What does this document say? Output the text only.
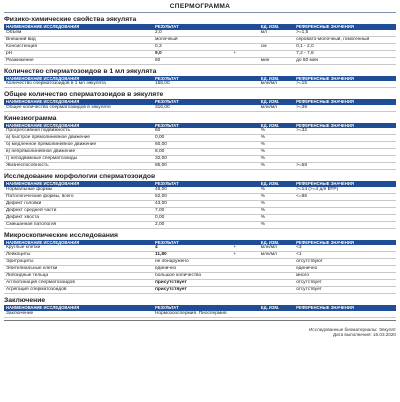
СПЕРМОГРАММА
Физико-химические свойства эякулята
НАИМЕНОВАНИЕ ИССЛЕДОВАНИЯ	РЕЗУЛЬТАТ		ЕД. ИЗМ.	РЕФЕРЕНСНЫЕ ЗНАЧЕНИЯ
Объем	2,0		мл	>=1,5
Внешний вид	молочный			серовато-молочный, гомогенный
Консистенция	0,3		см	0,1 - 2,0
pH	9,0	+		7,2 - 7,8
Разжижение	60		мин	до 60 мин
Количество сперматозоидов в 1 мл эякулята
НАИМЕНОВАНИЕ ИССЛЕДОВАНИЯ	РЕЗУЛЬТАТ		ЕД. ИЗМ.	РЕФЕРЕНСНЫЕ ЗНАЧЕНИЯ
Количество сперматозоидов в 1 мл эякулята	158,00		млн/мл	>=15
Общее количество сперматозоидов в эякуляте
НАИМЕНОВАНИЕ ИССЛЕДОВАНИЯ	РЕЗУЛЬТАТ		ЕД. ИЗМ.	РЕФЕРЕНСНЫЕ ЗНАЧЕНИЯ
Общее количество сперматозоидов в эякуляте	316,00		млн/мл	>=39
Кинезиограмма
НАИМЕНОВАНИЕ ИССЛЕДОВАНИЯ	РЕЗУЛЬТАТ		ЕД. ИЗМ.	РЕФЕРЕНСНЫЕ ЗНАЧЕНИЯ
Прогрессивная подвижность	60		%	>=32
а) быстрое прямолинейное движение	0,00		%	
б) медленное прямолинейное движение	60,00		%	
в) непрямолинейное движение	8,00		%	
г) неподвижные сперматозоиды	32,00		%	
Жизнеспособность	85,00		%	>=58
Исследование морфологии сперматозоидов
НАИМЕНОВАНИЕ ИССЛЕДОВАНИЯ	РЕЗУЛЬТАТ		ЕД. ИЗМ.	РЕФЕРЕНСНЫЕ ЗНАЧЕНИЯ
Нормальные формы	48,00		%	>=14 (>=4 д/я ВТР)
Патологические формы, всего	52,00		%	<=86
Дефект головки	43,00		%	
Дефект средней части	7,00		%	
Дефект хвоста	0,00		%	
Смешанная патология	2,00		%	
Микроскопические исследования
НАИМЕНОВАНИЕ ИССЛЕДОВАНИЯ	РЕЗУЛЬТАТ		ЕД. ИЗМ.	РЕФЕРЕНСНЫЕ ЗНАЧЕНИЯ
Круглые клетки	4	+	млн/мл	<3
Лейкоциты	11,80	+	млн/мл	<1
Эритроциты	не обнаружено			отсутствуют
Эпителиальные клетки	единично			единично
Липоидные тельца	большое количество			много
Агглютинация сперматозоидов	присутствует			отсутствует
Агрегация сперматозоидов	присутствует			отсутствует
Заключение
НАИМЕНОВАНИЕ ИССЛЕДОВАНИЯ	РЕЗУЛЬТАТ		ЕД. ИЗМ.	РЕФЕРЕНСНЫЕ ЗНАЧЕНИЯ
Заключение	Нормозооспермия. Пиоспермия.			
Исследованные биоматериалы: Эякулят
Дата выполнения: 16.03.2020
